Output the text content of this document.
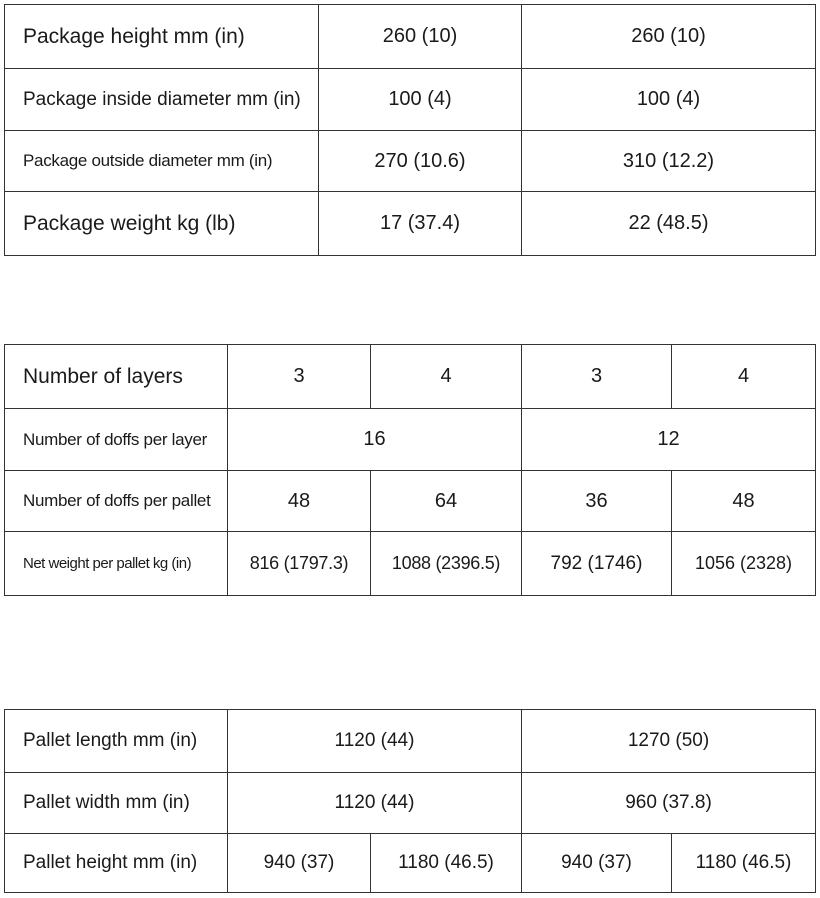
Package height mm (in)	260 (10)	260 (10)
Package inside diameter mm (in)	100 (4)	100 (4)
Package outside diameter mm (in)	270 (10.6)	310 (12.2)
Package weight kg (lb)	17 (37.4)	22 (48.5)
Number of layers	3	4	3	4
Number of doffs per layer	16		12	
Number of doffs per pallet	48	64	36	48
Net weight per pallet kg (in)	816 (1797.3)	1088 (2396.5)	792 (1746)	1056 (2328)
Pallet length mm (in)	1120 (44)		1270 (50)	
Pallet width mm (in)	1120 (44)		960 (37.8)	
Pallet height mm (in)	940 (37)	1180 (46.5)	940 (37)	1180 (46.5)
